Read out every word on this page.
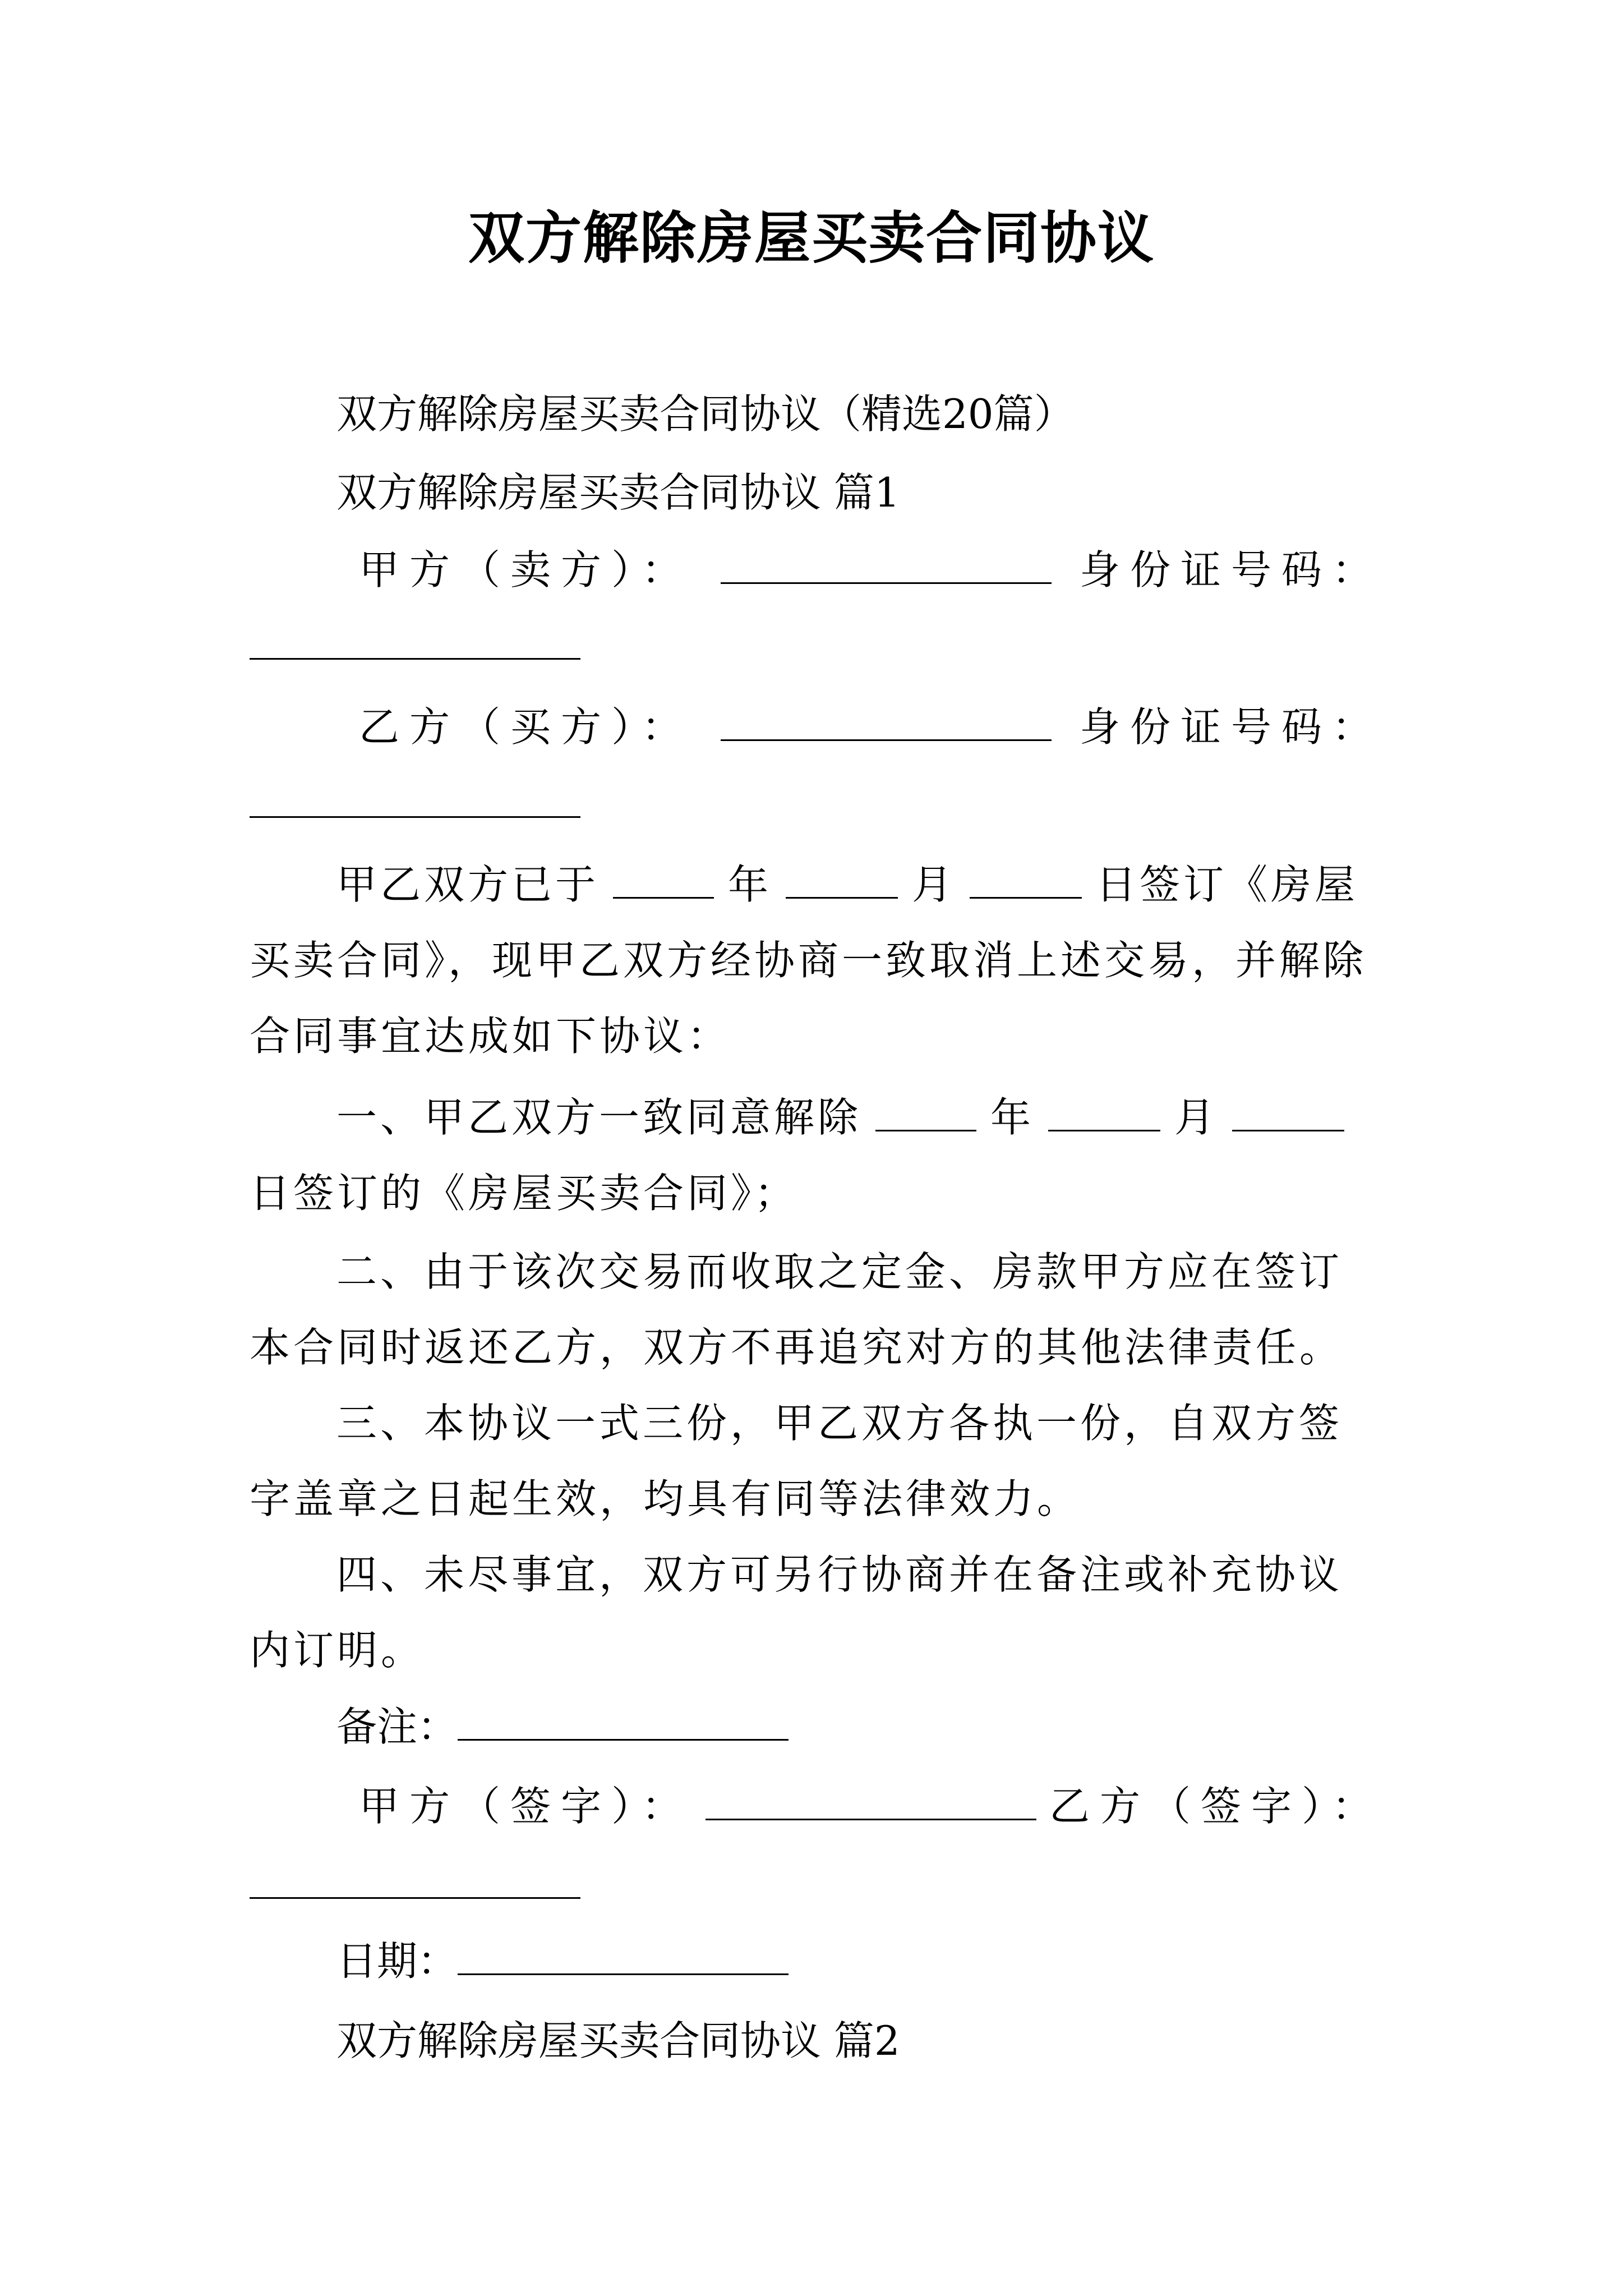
双方解除房屋买卖合同协议
双方解除房屋买卖合同协议（精选20篇）
双方解除房屋买卖合同协议 篇1
甲方（卖方）：	身份证号码：
乙方（买方）：	身份证号码：
甲乙双方已于	年	月	日签订《房屋买卖合同》，现甲乙双方经协商一致取消上述交易，并解除合同事宜达成如下协议：
一、甲乙双方一致同意解除	年	月日签订的《房屋买卖合同》；
二、由于该次交易而收取之定金、房款甲方应在签订本合同时返还乙方，双方不再追究对方的其他法律责任。
三、本协议一式三份，甲乙双方各执一份，自双方签字盖章之日起生效，均具有同等法律效力。
四、未尽事宜，双方可另行协商并在备注或补充协议内订明。
备注：
甲方（签字）：	乙方（签字）：
日期：
双方解除房屋买卖合同协议 篇2
